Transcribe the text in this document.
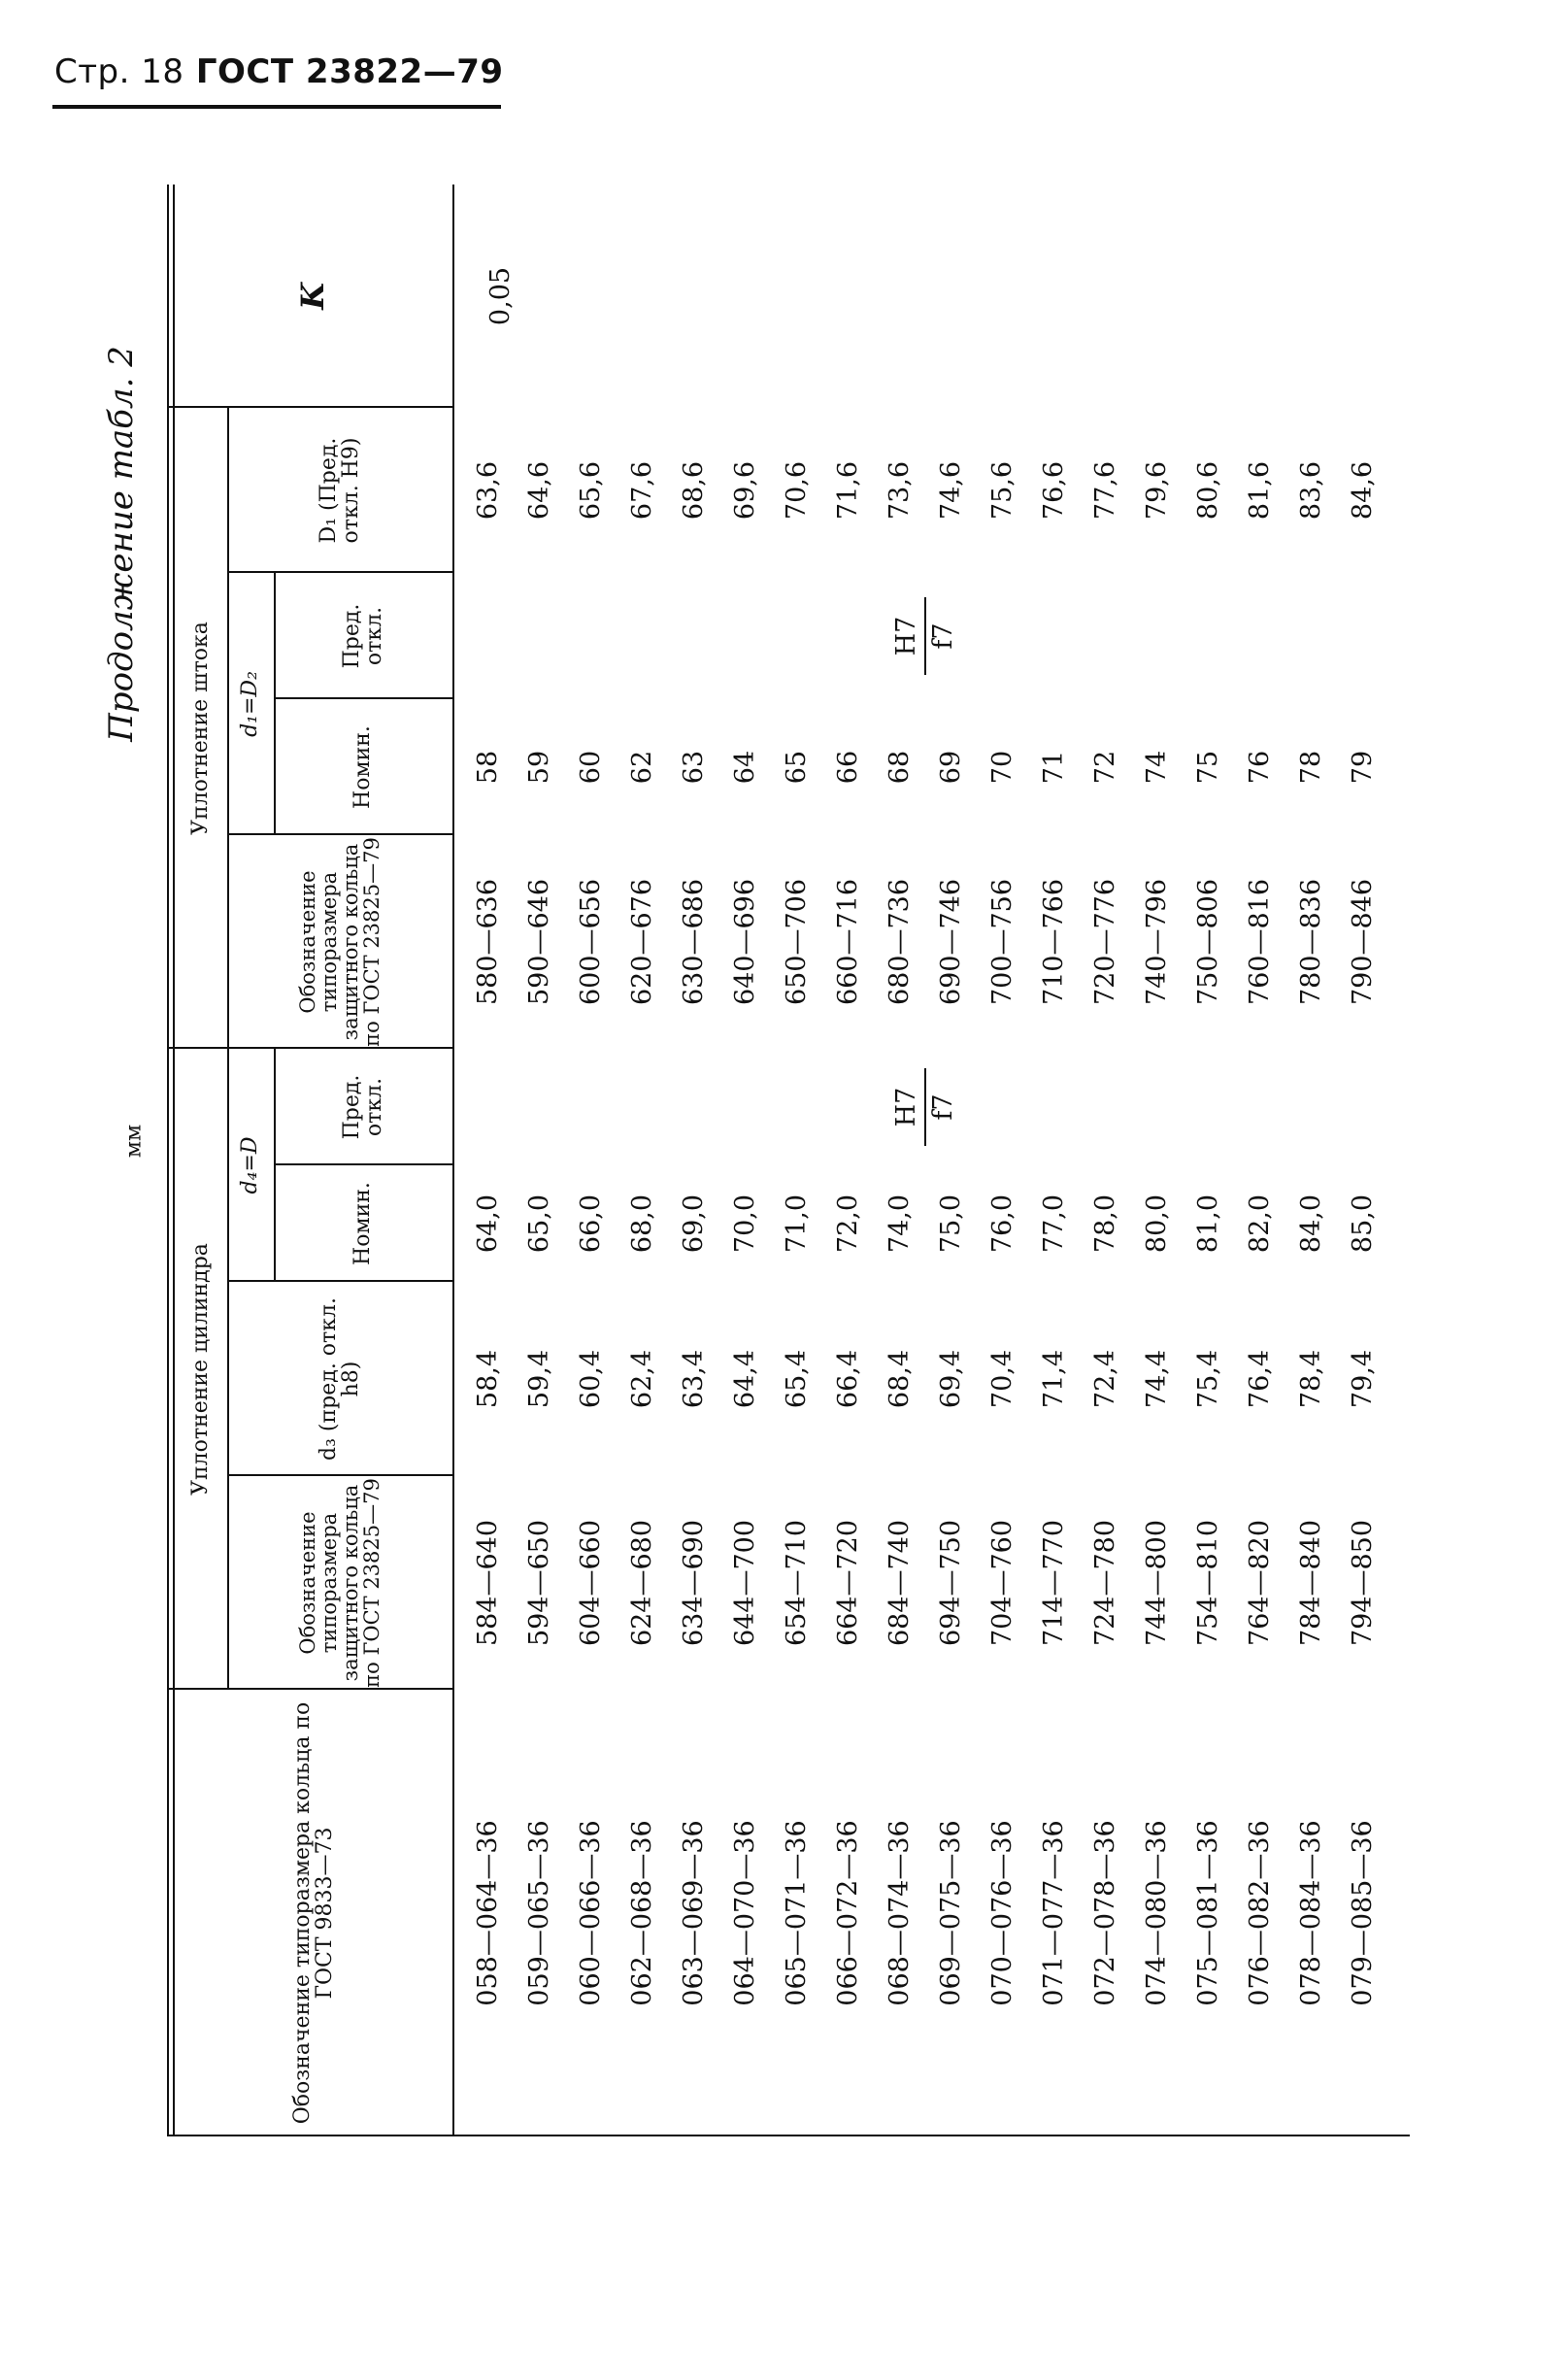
Стр. 18 ГОСТ 23822—79
Продолжение табл. 2
мм
Обозначение типоразмера кольца по ГОСТ 9833—73
Уплотнение цилиндра
Обозначение типоразмера защитного кольца по ГОСТ 23825—79
d₃ (пред. откл. h8)
d₄=D
Номин.
Пред. откл.
Уплотнение штока
Обозначение типоразмера защитного кольца по ГОСТ 23825—79
d₁=D₂
Номин.
Пред. откл.
D₁ (Пред. откл. H9)
K
058—064—36 059—065—36 060—066—36 062—068—36 063—069—36 064—070—36 065—071—36 066—072—36 068—074—36 069—075—36 070—076—36 071—077—36 072—078—36 074—080—36 075—081—36 076—082—36 078—084—36 079—085—36
584—640 594—650 604—660 624—680 634—690 644—700 654—710 664—720 684—740 694—750 704—760 714—770 724—780 744—800 754—810 764—820 784—840 794—850
58,4 59,4 60,4 62,4 63,4 64,4 65,4 66,4 68,4 69,4 70,4 71,4 72,4 74,4 75,4 76,4 78,4 79,4
64,0 65,0 66,0 68,0 69,0 70,0 71,0 72,0 74,0 75,0 76,0 77,0 78,0 80,0 81,0 82,0 84,0 85,0
H7 f7
580—636 590—646 600—656 620—676 630—686 640—696 650—706 660—716 680—736 690—746 700—756 710—766 720—776 740—796 750—806 760—816 780—836 790—846
58 59 60 62 63 64 65 66 68 69 70 71 72 74 75 76 78 79
H7 f7
63,6 64,6 65,6 67,6 68,6 69,6 70,6 71,6 73,6 74,6 75,6 76,6 77,6 79,6 80,6 81,6 83,6 84,6
0,05
